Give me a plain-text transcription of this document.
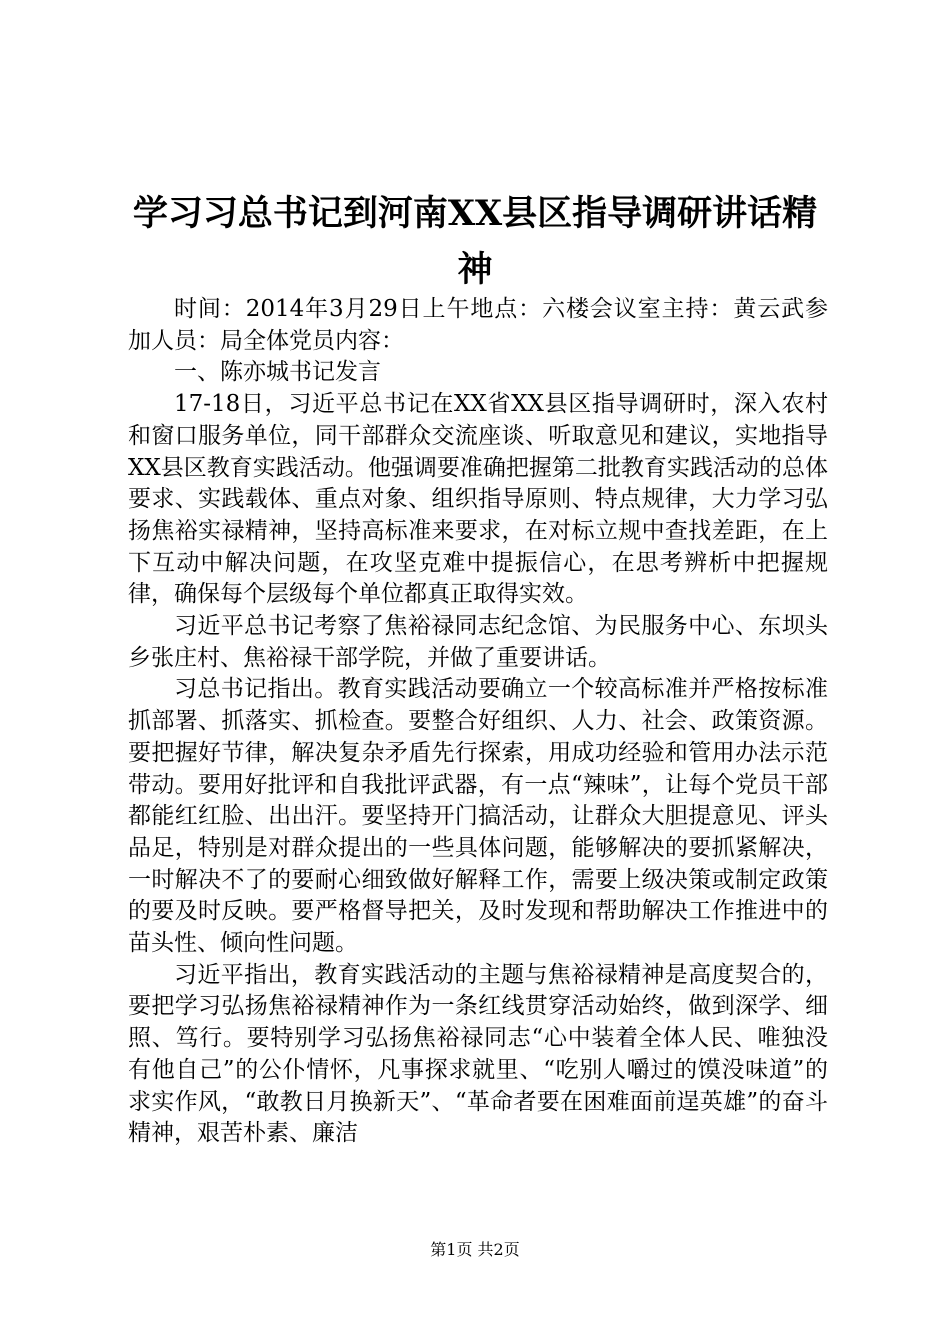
学习习总书记到河南XX县区指导调研讲话精神

时间：2014年3月29日上午地点：六楼会议室主持：黄云武参加人员：局全体党员内容：

一、陈亦城书记发言

17-18日，习近平总书记在XX省XX县区指导调研时，深入农村和窗口服务单位，同干部群众交流座谈、听取意见和建议，实地指导XX县区教育实践活动。他强调要准确把握第二批教育实践活动的总体要求、实践载体、重点对象、组织指导原则、特点规律，大力学习弘扬焦裕实禄精神，坚持高标准来要求，在对标立规中查找差距，在上下互动中解决问题，在攻坚克难中提振信心，在思考辨析中把握规律，确保每个层级每个单位都真正取得实效。

习近平总书记考察了焦裕禄同志纪念馆、为民服务中心、东坝头乡张庄村、焦裕禄干部学院，并做了重要讲话。

习总书记指出。教育实践活动要确立一个较高标准并严格按标准抓部署、抓落实、抓检查。要整合好组织、人力、社会、政策资源。要把握好节律，解决复杂矛盾先行探索，用成功经验和管用办法示范带动。要用好批评和自我批评武器，有一点“辣味”，让每个党员干部都能红红脸、出出汗。要坚持开门搞活动，让群众大胆提意见、评头品足，特别是对群众提出的一些具体问题，能够解决的要抓紧解决，一时解决不了的要耐心细致做好解释工作，需要上级决策或制定政策的要及时反映。要严格督导把关，及时发现和帮助解决工作推进中的苗头性、倾向性问题。

习近平指出，教育实践活动的主题与焦裕禄精神是高度契合的，要把学习弘扬焦裕禄精神作为一条红线贯穿活动始终，做到深学、细照、笃行。要特别学习弘扬焦裕禄同志“心中装着全体人民、唯独没有他自己”的公仆情怀，凡事探求就里、“吃别人嚼过的馍没味道”的求实作风，“敢教日月换新天”、“革命者要在困难面前逞英雄”的奋斗精神，艰苦朴素、廉洁

第1页 共2页
